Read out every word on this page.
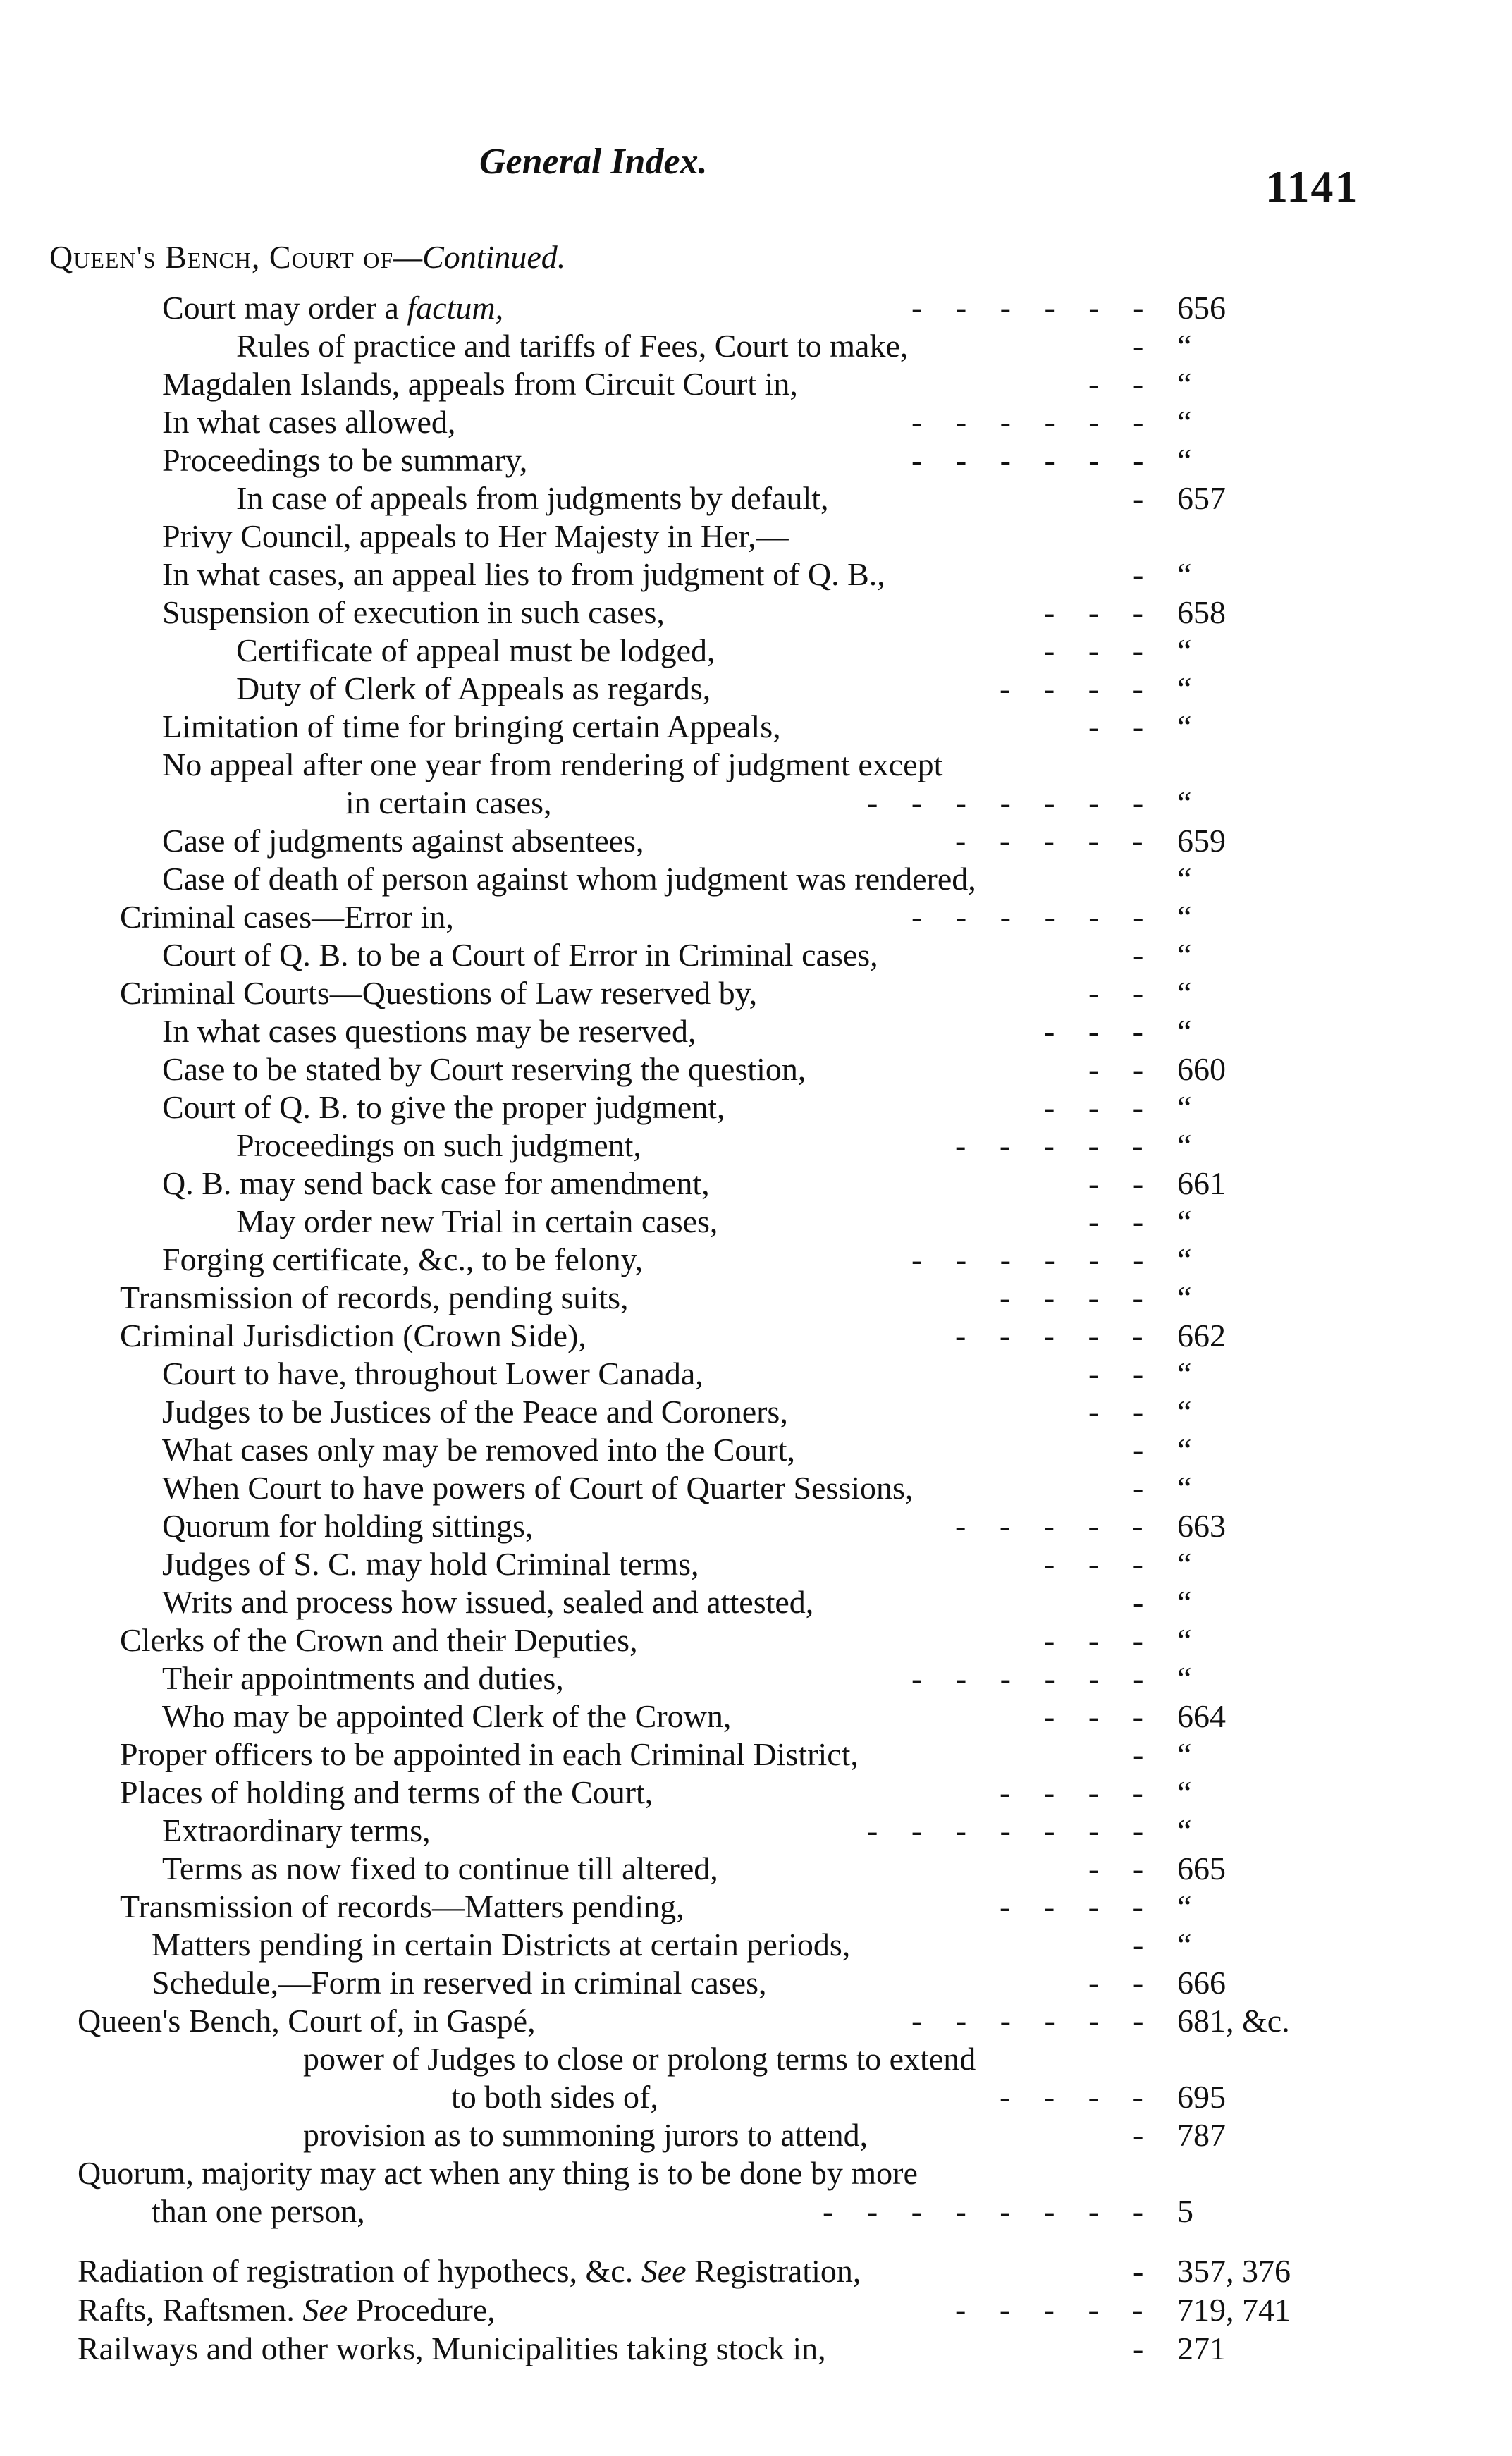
General Index.	1141
Queen's Bench, Court of—Continued.
Court may order a factum,	- - - - - - 656
Rules of practice and tariffs of Fees, Court to make,	- “
Magdalen Islands, appeals from Circuit Court in,	- - “
In what cases allowed,	- - - - - - “
Proceedings to be summary,	- - - - - - “
In case of appeals from judgments by default,	- 657
Privy Council, appeals to Her Majesty in Her,—
In what cases, an appeal lies to from judgment of Q. B.,	- “
Suspension of execution in such cases,	- - - 658
Certificate of appeal must be lodged,	- - - “
Duty of Clerk of Appeals as regards,	- - - - “
Limitation of time for bringing certain Appeals,	- - “
No appeal after one year from rendering of judgment except
in certain cases,	- - - - - - - “
Case of judgments against absentees,	- - - - - 659
Case of death of person against whom judgment was rendered,	“
Criminal cases—Error in,	- - - - - - “
Court of Q. B. to be a Court of Error in Criminal cases,	- “
Criminal Courts—Questions of Law reserved by,	- - “
In what cases questions may be reserved,	- - - “
Case to be stated by Court reserving the question,	- - 660
Court of Q. B. to give the proper judgment,	- - - “
Proceedings on such judgment,	- - - - - “
Q. B. may send back case for amendment,	- - 661
May order new Trial in certain cases,	- - “
Forging certificate, &c., to be felony,	- - - - - - “
Transmission of records, pending suits,	- - - - “
Criminal Jurisdiction (Crown Side),	- - - - - 662
Court to have, throughout Lower Canada,	- - “
Judges to be Justices of the Peace and Coroners,	- - “
What cases only may be removed into the Court,	- “
When Court to have powers of Court of Quarter Sessions,	- “
Quorum for holding sittings,	- - - - - 663
Judges of S. C. may hold Criminal terms,	- - - “
Writs and process how issued, sealed and attested,	- “
Clerks of the Crown and their Deputies,	- - - “
Their appointments and duties,	- - - - - - “
Who may be appointed Clerk of the Crown,	- - - 664
Proper officers to be appointed in each Criminal District,	- “
Places of holding and terms of the Court,	- - - - “
Extraordinary terms,	- - - - - - - “
Terms as now fixed to continue till altered,	- - 665
Transmission of records—Matters pending,	- - - - “
Matters pending in certain Districts at certain periods,	- “
Schedule,—Form in reserved in criminal cases,	- - 666
Queen's Bench, Court of, in Gaspé,	- - - - - - 681, &c.
power of Judges to close or prolong terms to extend
to both sides of,	- - - - 695
provision as to summoning jurors to attend,	- 787
Quorum, majority may act when any thing is to be done by more
than one person,	- - - - - - - - 5
Radiation of registration of hypothecs, &c. See Registration,	- 357, 376
Rafts, Raftsmen. See Procedure,	- - - - - 719, 741
Railways and other works, Municipalities taking stock in,	- 271
